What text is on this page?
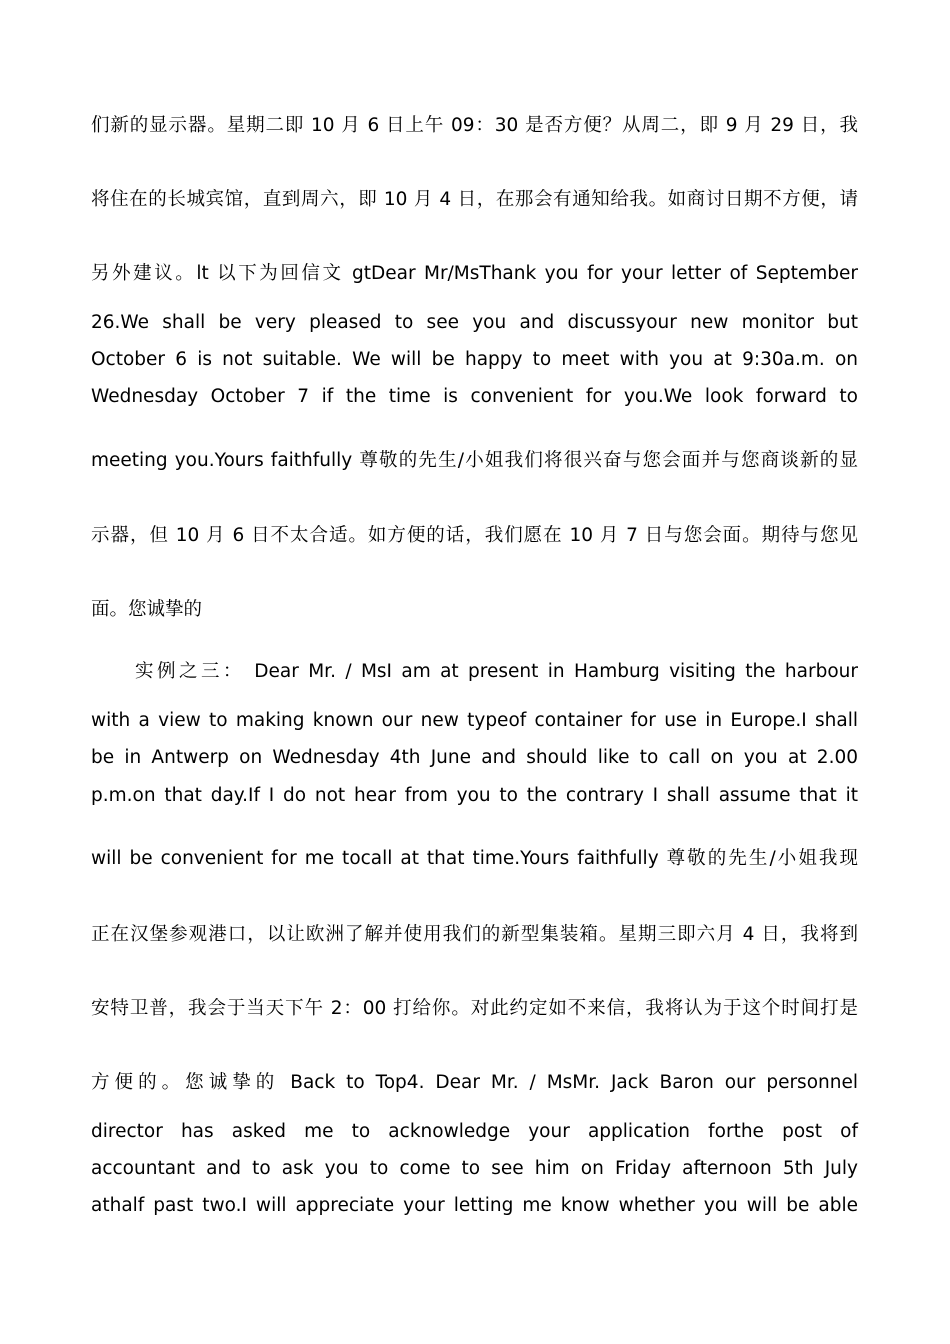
们新的显示器。星期二即 10 月 6 日上午 09：30 是否方便？从周二，即 9 月 29 日，我
将住在的长城宾馆，直到周六，即 10 月 4 日，在那会有通知给我。如商讨日期不方便，请
另外建议。lt 以下为回信文 gtDear Mr/MsThank you for your letter of September
26.We shall be very pleased to see you and discussyour new monitor but
October 6 is not suitable. We will be happy to meet with you at 9:30a.m. on
Wednesday October 7 if the time is convenient for you.We look forward to
meeting you.Yours faithfully 尊敬的先生/小姐我们将很兴奋与您会面并与您商谈新的显
示器，但 10 月 6 日不太合适。如方便的话，我们愿在 10 月 7 日与您会面。期待与您见
面。您诚挚的
　　实例之三： Dear Mr. / MsI am at present in Hamburg visiting the harbour
with a view to making known our new typeof container for use in Europe.I shall
be in Antwerp on Wednesday 4th June and should like to call on you at 2.00
p.m.on that day.If I do not hear from you to the contrary I shall assume that it
will be convenient for me tocall at that time.Yours faithfully 尊敬的先生/小姐我现
正在汉堡参观港口，以让欧洲了解并使用我们的新型集装箱。星期三即六月 4 日，我将到
安特卫普，我会于当天下午 2：00 打给你。对此约定如不来信，我将认为于这个时间打是
方便的。您诚挚的 Back to Top4. Dear Mr. / MsMr. Jack Baron our personnel
director has asked me to acknowledge your application forthe post of
accountant and to ask you to come to see him on Friday afternoon 5th July
athalf past two.I will appreciate your letting me know whether you will be able
